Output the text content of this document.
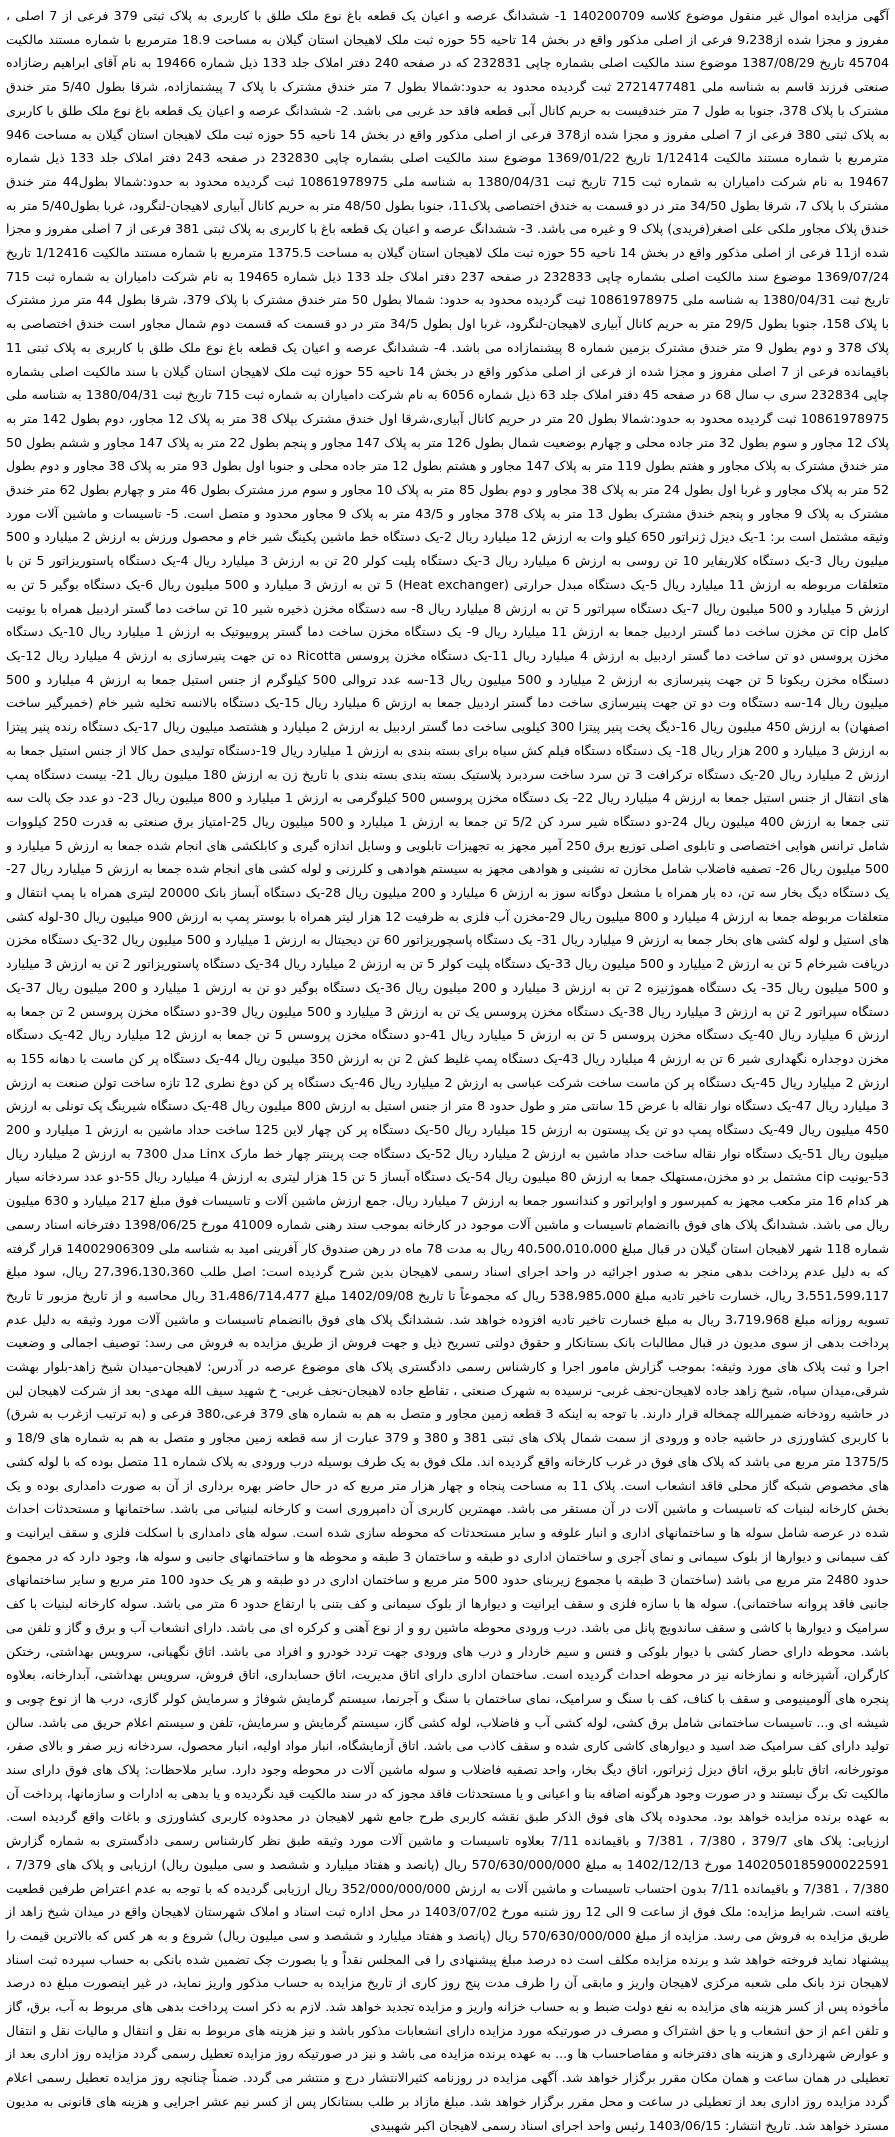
آگهی مزایده اموال غیر منقول موضوع کلاسه 140200709 1- ششدانگ عرصه و اعیان یک قطعه باغ نوع ملک طلق با کاربری به پلاک ثبتی 379 فرعی از 7 اصلی ، مفروز و مجزا شده از9،238 فرعی از اصلی مذکور واقع در بخش 14 تاحیه 55 حوزه ثبت ملک لاهیجان استان گیلان به مساحت 18.9 مترمربع با شماره مستند مالکیت 45704 تاریخ 1387/08/29 موضوع سند مالکیت اصلی بشماره چاپی 232831 که در صفحه 240 دفتر املاک جلد 133 ذیل شماره 19466 به نام آقای ابراهیم رضازاده صنعتی فرزند قاسم به شناسه ملی 2721477481 ثبت گردیده محدود به حدود:شمالا بطول 7 متر خندق مشترک با پلاک 7 پیشنمازاده، شرقا بطول 5/40 متر خندق مشترک با پلاک 378، جنوبا به طول 7 متر خندقیست به حریم کانال آبی قطعه فاقد حد غربی می باشد. 2- ششدانگ عرصه و اعیان یک قطعه باغ نوع ملک طلق با کاربری به پلاک ثبتی 380 فرعی از 7 اصلی مفروز و مجزا شده از378 فرعی از اصلی مذکور واقع در بخش 14 ناحیه 55 حوزه ثبت ملک لاهیجان استان گیلان به مساحت 946 مترمربع با شماره مستند مالکیت 1/12414 تاریخ 1369/01/22 موضوع سند مالکیت اصلی بشماره چاپی 232830 در صفحه 243 دفتر املاک جلد 133 ذیل شماره 19467 به نام شرکت دامیاران به شماره ثبت 715 تاریخ ثبت 1380/04/31 به شناسه ملی 10861978975 ثبت گردیده محدود به حدود:شمالا بطول44 متر خندق مشترک با پلاک 7، شرقا بطول 34/50 متر در دو قسمت به خندق اختصاصی پلاک11، جنوبا بطول 48/50 متر به حریم کانال آبیاری لاهیجان-لنگرود، غربا بطول5/40 متر به خندق پلاک مجاور ملکی علی اصغر(فریدی) پلاک 9 و غیره می باشد. 3- ششدانگ عرصه و اعیان یک قطعه باغ با کاربری به پلاک ثبتی 381 فرعی از 7 اصلی مفروز و مجزا شده از11 فرعی از اصلی مذکور واقع در بخش 14 ناحیه 55 حوزه ثبت ملک لاهیجان استان گیلان به مساحت 1375.5 مترمربع با شماره مستند مالکیت 1/12416 تاریخ 1369/07/24 موضوع سند مالکیت اصلی بشماره چاپی 232833 در صفحه 237 دفتر املاک جلد 133 ذیل شماره 19465 به نام شرکت دامیاران به شماره ثبت 715 تاریخ ثبت 1380/04/31 به شناسه ملی 10861978975 ثبت گردیده محدود به حدود: شمالا بطول 50 متر خندق مشترک با پلاک 379، شرقا بطول 44 متر مرز مشترک با پلاک 158، جنوبا بطول 29/5 متر به حریم کانال آبیاری لاهیجان-لنگرود، غربا اول بطول 34/5 متر در دو قسمت که قسمت دوم شمال مجاور است خندق اختصاصی به پلاک 378 و دوم بطول 9 متر خندق مشترک بزمین شماره 8 پیشنمازاده می باشد. 4- ششدانگ عرصه و اعیان یک قطعه باغ نوع ملک طلق با کاربری به پلاک ثبتی 11 باقیمانده فرعی از 7 اصلی مفروز و مجزا شده از فرعی از اصلی مذکور واقع در بخش 14 ناحیه 55 حوزه ثبت ملک لاهیجان استان گیلان با سند مالکیت اصلی بشماره چاپی 232834 سری ب سال 68 در صفحه 45 دفتر املاک جلد 63 ذیل شماره 6056 به نام شرکت دامیاران به شماره ثبت 715 تاریخ ثبت 1380/04/31 به شناسه ملی 10861978975 ثبت گردیده محدود به حدود:شمالا بطول 20 متر در حریم کانال آبیاری،شرقا اول خندق مشترک بپلاک 38 متر به پلاک 12 مجاور، دوم بطول 142 متر به پلاک 12 مجاور و سوم بطول 32 متر جاده محلی و چهارم بوضعیت شمال بطول 126 متر به پلاک 147 مجاور و پنجم بطول 22 متر به پلاک 147 مجاور و ششم بطول 50 متر خندق مشترک به پلاک مجاور و هفتم بطول 119 متر به پلاک 147 مجاور و هشتم بطول 12 متر جاده محلی و جنوبا اول بطول 93 متر به پلاک 38 مجاور و دوم بطول 52 متر به پلاک مجاور و غربا اول بطول 24 متر به پلاک 38 مجاور و دوم بطول 85 متر به پلاک 10 مجاور و سوم مرز مشترک بطول 46 متر و چهارم بطول 62 متر خندق مشترک به پلاک 9 مجاور و پنجم خندق مشترک بطول 13 متر به پلاک 378 مجاور و 43/5 متر به پلاک 9 مجاور محدود و متصل است. 5- تاسیسات و ماشین آلات مورد وثیقه مشتمل است بر: 1-یک دیزل ژنراتور 650 کیلو وات به ارزش 12 میلیارد ریال 2-یک دستگاه خط ماشین پکینگ شیر خام و محصول ورزش به ارزش 2 میلیارد و 500 میلیون ریال 3-یک دستگاه کلاریفایر 10 تن روسی به ارزش 6 میلیارد ریال 3-یک دستگاه پلیت کولر 20 تن به ارزش 3 میلیارد ریال 4-یک دستگاه پاستوریزاتور 5 تن با متعلقات مربوطه به ارزش 11 میلیارد ریال 5-یک دستگاه مبدل حرارتی (Heat exchanger) 5 تن به ارزش 3 میلیارد و 500 میلیون ریال 6-یک دستگاه بوگیر 5 تن به ارزش 5 میلیارد و 500 میلیون ریال 7-یک دستگاه سپراتور 5 تن به ارزش 8 میلیارد ریال 8- سه دستگاه مخزن ذخیره شیر 10 تن ساخت دما گستر اردبیل همراه با یونیت کامل cip تن مخزن ساخت دما گستر اردبیل جمعا به ارزش 11 میلیارد ریال 9- یک دستگاه مخزن ساخت دما گستر پروبیوتیک به ارزش 1 میلیارد ریال 10-یک دستگاه مخزن پروسس دو تن ساخت دما گستر اردبیل به ارزش 4 میلیارد ریال 11-یک دستگاه مخزن پروسس Ricotta ده تن جهت پنیرسازی به ارزش 4 میلیارد ریال 12-یک دستگاه مخزن ریکوتا 5 تن جهت پنیرسازی به ارزش 2 میلیارد و 500 میلیون ریال 13-سه عدد تروالی 500 کیلوگرم از جنس استیل جمعا به ارزش 4 میلیارد و 500 میلیون ریال 14-سه دستگاه وت دو تن جهت پنیرسازی ساخت دما گستر اردبیل جمعا به ارزش 6 میلیارد ریال 15-یک دستگاه بالانسه تخلیه شیر خام (خمیرگیر ساخت اصفهان) به ارزش 450 میلیون ریال 16-دیگ پخت پنیر پیتزا 300 کیلویی ساخت دما گستر اردبیل به ارزش 2 میلیارد و هشتصد میلیون ریال 17-یک دستگاه رنده پنیر پیتزا به ارزش 3 میلیارد و 200 هزار ریال 18- یک دستگاه دستگاه فیلم کش سیاه برای بسته بندی به ارزش 1 میلیارد ریال 19-دستگاه تولیدی حمل کالا از جنس استیل جمعا به ارزش 2 میلیارد ریال 20-یک دستگاه ترکرافت 3 تن سرد ساخت سردبرد پلاستیک بسته بندی بسته بندی با تاریخ زن به ارزش 180 میلیون ریال 21- بیست دستگاه پمپ های انتقال از جنس استیل جمعا به ارزش 4 میلیارد ریال 22- یک دستگاه مخزن پروسس 500 کیلوگرمی به ارزش 1 میلیارد و 800 میلیون ریال 23- دو عدد جک پالت سه تنی جمعا به ارزش 400 میلیون ریال 24-دو دستگاه شیر سرد کن 5/2 تن جمعا به ارزش 1 میلیارد و 500 میلیون ریال 25-امتیاز برق صنعتی به قدرت 250 کیلووات شامل ترانس هوایی اختصاصی و تابلوی اصلی توزیع برق 250 آمپر مجهز به تجهیزات تابلویی و وسایل اندازه گیری و کابلکشی های انجام شده جمعا به ارزش 5 میلیارد و 500 میلیون ریال 26- تصفیه فاضلاب شامل مخازن ته نشینی و هوادهی مجهز به سیستم هوادهی و کلرزنی و لوله کشی های انجام شده جمعا به ارزش 5 میلیارد ریال 27-یک دستگاه دیگ بخار سه تن، ده بار همراه با مشعل دوگانه سوز به ارزش 6 میلیارد و 200 میلیون ریال 28-یک دستگاه آبساز بانک 20000 لیتری همراه با پمپ انتقال و متعلقات مربوطه جمعا به ارزش 4 میلیارد و 800 میلیون ریال 29-مخزن آب فلزی به ظرفیت 12 هزار لیتر همراه با بوستر پمپ به ارزش 900 میلیون ریال 30-لوله کشی های استیل و لوله کشی های بخار جمعا به ارزش 9 میلیارد ریال 31- یک دستگاه پاسچوریزاتور 60 تن دیجیتال به ارزش 1 میلیارد و 500 میلیون ریال 32-یک دستگاه مخزن دریافت شیرخام 5 تن به ارزش 2 میلیارد و 500 میلیون ریال 33-یک دستگاه پلیت کولر 5 تن به ارزش 2 میلیارد ریال 34-یک دستگاه پاستوریزاتور 2 تن به ارزش 3 میلیارد و 500 میلیون ریال 35- یک دستگاه هموژنیزه 2 تن به ارزش 3 میلیارد و 200 میلیون ریال 36-یک دستگاه بوگیر دو تن به ارزش 1 میلیارد و 200 میلیون ریال 37-یک دستگاه سپراتور 2 تن به ارزش 3 میلیارد ریال 38-یک دستگاه مخزن پروسس یک تن به ارزش 3 میلیارد و 500 میلیون ریال 39-دو دستگاه مخزن پروسس 2 تن جمعا به ارزش 6 میلیارد ریال 40-یک دستگاه مخزن پروسس 5 تن به ارزش 5 میلیارد ریال 41-دو دستگاه مخزن پروسس 5 تن جمعا به ارزش 12 میلیارد ریال 42-یک دستگاه مخزن دوجداره نگهداری شیر 6 تن به ارزش 4 میلیارد ریال 43-یک دستگاه پمپ غلیظ کش 2 تن به ارزش 350 میلیون ریال 44-یک دستگاه پر کن ماست با دهانه 155 به ارزش 2 میلیارد ریال 45-یک دستگاه پر کن ماست ساخت شرکت عباسی به ارزش 2 میلیارد ریال 46-یک دستگاه پر کن دوغ نطری 12 تازه ساخت تولن صنعت به ارزش 3 میلیارد ریال 47-یک دستگاه نوار نقاله با عرض 15 سانتی متر و طول حدود 8 متر از جنس استیل به ارزش 800 میلیون ریال 48-یک دستگاه شیرینگ پک تونلی به ارزش 450 میلیون ریال 49-یک دستگاه پمپ دو تن یک پیستون به ارزش 15 میلیارد ریال 50-یک دستگاه پر کن چهار لاین 125 ساخت حداد ماشین به ارزش 1 میلیارد و 200 میلیون ریال 51-یک دستگاه نوار نقاله ساخت حداد ماشین به ارزش 2 میلیارد ریال 52-یک دستگاه جت پرینتر چهار خط مارک Linx مدل 7300 به ارزش 2 میلیارد ریال 53-یونیت cip مشتمل بر دو مخزن،مستهلک جمعا به ارزش 80 میلیون ریال 54-یک دستگاه آبساز 5 تن 15 هزار لیتری به ارزش 4 میلیارد ریال 55-دو عدد سردخانه سیار هر کدام 16 متر مکعب مجهز به کمپرسور و اواپراتور و کندانسور جمعا به ارزش 7 میلیارد ریال. جمع ارزش ماشین آلات و تاسیسات فوق مبلغ 217 میلیارد و 630 میلیون ریال می باشد. ششدانگ پلاک های فوق باانضمام تاسیسات و ماشین آلات موجود در کارخانه بموجب سند رهنی شماره 41009 مورخ 1398/06/25 دفترخانه اسناد رسمی شماره 118 شهر لاهیجان استان گیلان در قبال مبلغ 40،500،010،000 ریال به مدت 78 ماه در رهن صندوق کار آفرینی امید به شناسه ملی 14002906309 قرار گرفته که به دلیل عدم پرداخت بدهی منجر به صدور اجرائیه در واحد اجرای اسناد رسمی لاهیجان بدین شرح گردیده است: اصل طلب 27،396،130،360 ریال، سود مبلغ 3،551،599،117 ریال، خسارت تاخیر تادیه مبلغ 538،985،000 ریال که مجموعاً تا تاریخ 1402/09/08 مبلغ 31،486/714،477 ریال محاسبه و از تاریخ مزبور تا تاریخ تسویه روزانه مبلغ 3،719،968 ریال به مبلغ خسارت تاخیر تادیه افزوده خواهد شد. ششدانگ پلاک های فوق باانضمام تاسیسات و ماشین آلات مورد وثیقه به دلیل عدم پرداخت بدهی از سوی مدیون در قبال مطالبات بانک بستانکار و حقوق دولتی تسریح ذیل و جهت فروش از طریق مزایده به فروش می رسد: توصیف اجمالی و وضعیت اجرا و ثبت پلاک های مورد وثیقه: بموجب گزارش مامور اجرا و کارشناس رسمی دادگستری پلاک های موضوع عرصه در آدرس: لاهیجان-میدان شیخ زاهد-بلوار بهشت شرقی،میدان سپاه، شیخ زاهد جاده لاهیجان-نجف غربی- نرسیده به شهرک صنعتی ، تقاطع جاده لاهیجان-نجف غربی- خ شهید سیف الله مهدی- بعد از شرکت لاهیجان لبن در حاشیه رودخانه ضمیرالله چمخاله قرار دارند. با توجه به اینکه 3 قطعه زمین مجاور و متصل به هم به شماره های 379 فرعی،380 فرعی و (به ترتیب ازغرب به شرق) با کاربری کشاورزی در حاشیه جاده و ورودی از سمت شمال پلاک های ثبتی 381 و 380 و 379 عبارت از سه قطعه زمین مجاور و متصل به هم به شماره های 18/9 و 1375/5 متر مربع می باشد که پلاک های فوق در غرب کارخانه واقع گردیده اند. ملک فوق به یک طرف بوسیله درب ورودی به پلاک شماره 11 متصل بوده که با لوله کشی های مخصوص شبکه گاز محلی فاقد انشعاب است. پلاک 11 به مساحت پنجاه و چهار هزار متر مربع که در حال حاضر بهره برداری از آن به صورت دامداری بوده و یک بخش کارخانه لبنیات که تاسیسات و ماشین آلات در آن مستقر می باشد. مهمترین کاربری آن دامپروری است و کارخانه لبنیاتی می باشد. ساختمانها و مستحدثات احداث شده در عرصه شامل سوله ها و ساختمانهای اداری و انبار علوفه و سایر مستحدثات که محوطه سازی شده است. سوله های دامداری با اسکلت فلزی و سقف ایرانیت و کف سیمانی و دیوارها از بلوک سیمانی و نمای آجری و ساختمان اداری دو طبقه و ساختمان 3 طبقه و محوطه ها و ساختمانهای جانبی و سوله ها، وجود دارد که در مجموع حدود 2480 متر مربع می باشد (ساختمان 3 طبقه با مجموع زیربنای حدود 500 متر مربع و ساختمان اداری در دو طبقه و هر یک حدود 100 متر مربع و سایر ساختمانهای جانبی فاقد پروانه ساختمانی). سوله ها با سازه فلزی و سقف ایرانیت و دیوارها از بلوک سیمانی و کف بتنی با ارتفاع حدود 6 متر می باشد. سوله کارخانه لبنیات با کف سرامیک و دیوارها با کاشی و سقف ساندویچ پانل می باشد. درب ورودی محوطه ماشین رو و از نوع آهنی و کرکره ای می باشد. دارای انشعاب آب و برق و گاز و تلفن می باشد. محوطه دارای حصار کشی با دیوار بلوکی و فنس و سیم خاردار و درب های ورودی جهت تردد خودرو و افراد می باشد. اتاق نگهبانی، سرویس بهداشتی، رختکن کارگران، آشپزخانه و نمازخانه نیز در محوطه احداث گردیده است. ساختمان اداری دارای اتاق مدیریت، اتاق حسابداری، اتاق فروش، سرویس بهداشتی، آبدارخانه، بعلاوه پنجره های آلومینیومی و سقف با کناف، کف با سنگ و سرامیک، نمای ساختمان با سنگ و آجرنما، سیستم گرمایش شوفاژ و سرمایش کولر گازی، درب ها از نوع چوبی و شیشه ای و... تاسیسات ساختمانی شامل برق کشی، لوله کشی آب و فاضلاب، لوله کشی گاز، سیستم گرمایش و سرمایش، تلفن و سیستم اعلام حریق می باشد. سالن تولید دارای کف سرامیک ضد اسید و دیوارهای کاشی کاری شده و سقف کاذب می باشد. اتاق آزمایشگاه، انبار مواد اولیه، انبار محصول، سردخانه زیر صفر و بالای صفر، موتورخانه، اتاق تابلو برق، اتاق دیزل ژنراتور، اتاق دیگ بخار، واحد تصفیه فاضلاب و سوله ماشین آلات در محوطه وجود دارد. سایر ملاحظات: پلاک های فوق دارای سند مالکیت تک برگ نیستند و در صورت وجود هرگونه اضافه بنا و اعیانی و یا مستحدثات فاقد مجوز که در سند مالکیت قید نگردیده و یا بدهی به ادارات و سازمانها، پرداخت آن به عهده برنده مزایده خواهد بود. محدوده پلاک های فوق الذکر طبق نقشه کاربری طرح جامع شهر لاهیجان در محدوده کاربری کشاورزی و باغات واقع گردیده است. ارزیابی: پلاک های 379/7 ، 7/380 ، 7/381 و باقیمانده 7/11 بعلاوه تاسیسات و ماشین آلات مورد وثیقه طبق نظر کارشناس رسمی دادگستری به شماره گزارش 1402050185900022591 مورخ 1402/12/13 به مبلغ 570/630/000/000 ریال (پانصد و هفتاد میلیارد و ششصد و سی میلیون ریال) ارزیابی و پلاک های 7/379 ، 7/380 ، 7/381 و باقیمانده 7/11 بدون احتساب تاسیسات و ماشین آلات به ارزش 352/000/000/000 ریال ارزیابی گردیده که با توجه به عدم اعتراض طرفین قطعیت یافته است. شرایط مزایده: ملک فوق از ساعت 9 الی 12 روز شنبه مورخ 1403/07/02 در محل اداره ثبت اسناد و املاک شهرستان لاهیجان واقع در میدان شیخ زاهد از طریق مزایده به فروش می رسد. مزایده از مبلغ 570/630/000/000 ریال (پانصد و هفتاد میلیارد و ششصد و سی میلیون ریال) شروع و به هر کس که بالاترین قیمت را پیشنهاد نماید فروخته خواهد شد و برنده مزایده مکلف است ده درصد مبلغ پیشنهادی را فی المجلس نقداً و یا بصورت چک تضمین شده بانکی به حساب سپرده ثبت اسناد لاهیجان نزد بانک ملی شعبه مرکزی لاهیجان واریز و مابقی آن را ظرف مدت پنج روز کاری از تاریخ مزایده به حساب مذکور واریز نماید، در غیر اینصورت مبلغ ده درصد مأخوذه پس از کسر هزینه های مزایده به نفع دولت ضبط و به حساب خزانه واریز و مزایده تجدید خواهد شد. لازم به ذکر است پرداخت بدهی های مربوط به آب، برق، گاز و تلفن اعم از حق انشعاب و یا حق اشتراک و مصرف در صورتیکه مورد مزایده دارای انشعابات مذکور باشد و نیز هزینه های مربوط به نقل و انتقال و مالیات نقل و انتقال و عوارض شهرداری و هزینه های دفترخانه و مفاصاحساب ها و... به عهده برنده مزایده می باشد و نیز در صورتیکه روز مزایده تعطیل رسمی گردد مزایده روز اداری بعد از تعطیلی در همان ساعت و همان مکان مقرر برگزار خواهد شد. آگهی مزایده در روزنامه کثیرالانتشار درج و منتشر می گردد. ضمناً چنانچه روز مزایده تعطیل رسمی اعلام گردد مزایده روز اداری بعد از تعطیلی در ساعت و محل مقرر برگزار خواهد شد. مبلغ مازاد بر طلب بستانکار پس از کسر نیم عشر اجرایی و هزینه های قانونی به مدیون مسترد خواهد شد. تاریخ انتشار: 1403/06/15 رئیس واحد اجرای اسناد رسمی لاهیجان اکبر شهبیدی
